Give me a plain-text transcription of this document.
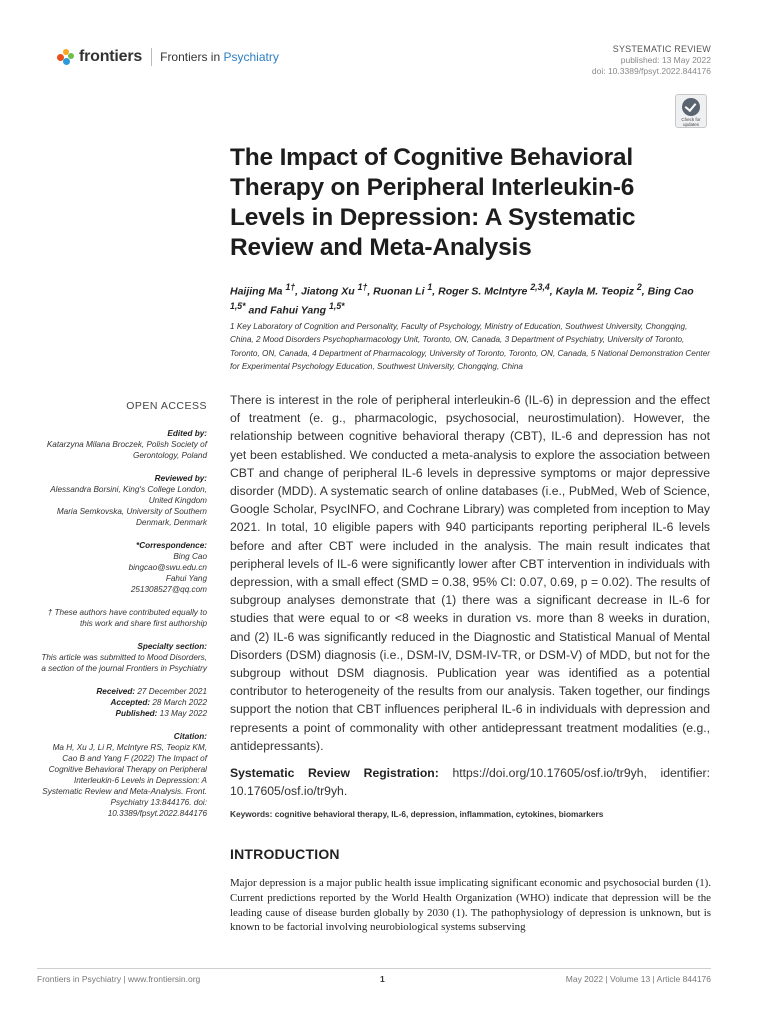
frontiers Frontiers in Psychiatry
SYSTEMATIC REVIEW
published: 13 May 2022
doi: 10.3389/fpsyt.2022.844176
Check for updates
The Impact of Cognitive Behavioral Therapy on Peripheral Interleukin-6 Levels in Depression: A Systematic Review and Meta-Analysis
Haijing Ma $^{1\dagger}$, Jiatong Xu $^{1\dagger}$, Ruonan Li $^1$, Roger S. McIntyre $^{2,3,4}$, Kayla M. Teopiz $^2$, Bing Cao $^{1,5*}$ and Fahui Yang $^{1,5*}$
1 Key Laboratory of Cognition and Personality, Faculty of Psychology, Ministry of Education, Southwest University, Chongqing, China, 2 Mood Disorders Psychopharmacology Unit, Toronto, ON, Canada, 3 Department of Psychiatry, University of Toronto, Toronto, ON, Canada, 4 Department of Pharmacology, University of Toronto, Toronto, ON, Canada, 5 National Demonstration Center for Experimental Psychology Education, Southwest University, Chongqing, China
OPEN ACCESS
Edited by:
Katarzyna Milana Broczek, Polish Society of Gerontology, Poland
Reviewed by:
Alessandra Borsini, King's College London, United Kingdom
Maria Semkovska, University of Southern Denmark, Denmark
*Correspondence:
Bing Cao
bingcao@swu.edu.cn
Fahui Yang
251308527@qq.com
† These authors have contributed equally to this work and share first authorship
Specialty section:
This article was submitted to Mood Disorders, a section of the journal Frontiers in Psychiatry
Received: 27 December 2021
Accepted: 28 March 2022
Published: 13 May 2022
Citation:
Ma H, Xu J, Li R, McIntyre RS, Teopiz KM, Cao B and Yang F (2022) The Impact of Cognitive Behavioral Therapy on Peripheral Interleukin-6 Levels in Depression: A Systematic Review and Meta-Analysis. Front. Psychiatry 13:844176. doi: 10.3389/fpsyt.2022.844176

There is interest in the role of peripheral interleukin-6 (IL-6) in depression and the effect of treatment (e. g., pharmacologic, psychosocial, neurostimulation). However, the relationship between cognitive behavioral therapy (CBT), IL-6 and depression has not yet been established. We conducted a meta-analysis to explore the association between CBT and change of peripheral IL-6 levels in depressive symptoms or major depressive disorder (MDD). A systematic search of online databases (i.e., PubMed, Web of Science, Google Scholar, PsycINFO, and Cochrane Library) was completed from inception to May 2021. In total, 10 eligible papers with 940 participants reporting peripheral IL-6 levels before and after CBT were included in the analysis. The main result indicates that peripheral levels of IL-6 were significantly lower after CBT intervention in individuals with depression, with a small effect (SMD = 0.38, 95% CI: 0.07, 0.69, p = 0.02). The results of subgroup analyses demonstrate that (1) there was a significant decrease in IL-6 for studies that were equal to or <8 weeks in duration vs. more than 8 weeks in duration, and (2) IL-6 was significantly reduced in the Diagnostic and Statistical Manual of Mental Disorders (DSM) diagnosis (i.e., DSM-IV, DSM-IV-TR, or DSM-V) of MDD, but not for the subgroup without DSM diagnosis. Publication year was identified as a potential contributor to heterogeneity of the results from our analysis. Taken together, our findings support the notion that CBT influences peripheral IL-6 in individuals with depression and represents a point of commonality with other antidepressant treatment modalities (e.g., antidepressants).

Systematic Review Registration: https://doi.org/10.17605/osf.io/tr9yh, identifier: 10.17605/osf.io/tr9yh.

Keywords: cognitive behavioral therapy, IL-6, depression, inflammation, cytokines, biomarkers

INTRODUCTION

Major depression is a major public health issue implicating significant economic and psychosocial burden (1). Current predictions reported by the World Health Organization (WHO) indicate that depression will be the leading cause of disease burden globally by 2030 (1). The pathophysiology of depression is unknown, but is known to be factorial involving neurobiological systems subserving

Frontiers in Psychiatry | www.frontiersin.org	1	May 2022 | Volume 13 | Article 844176
